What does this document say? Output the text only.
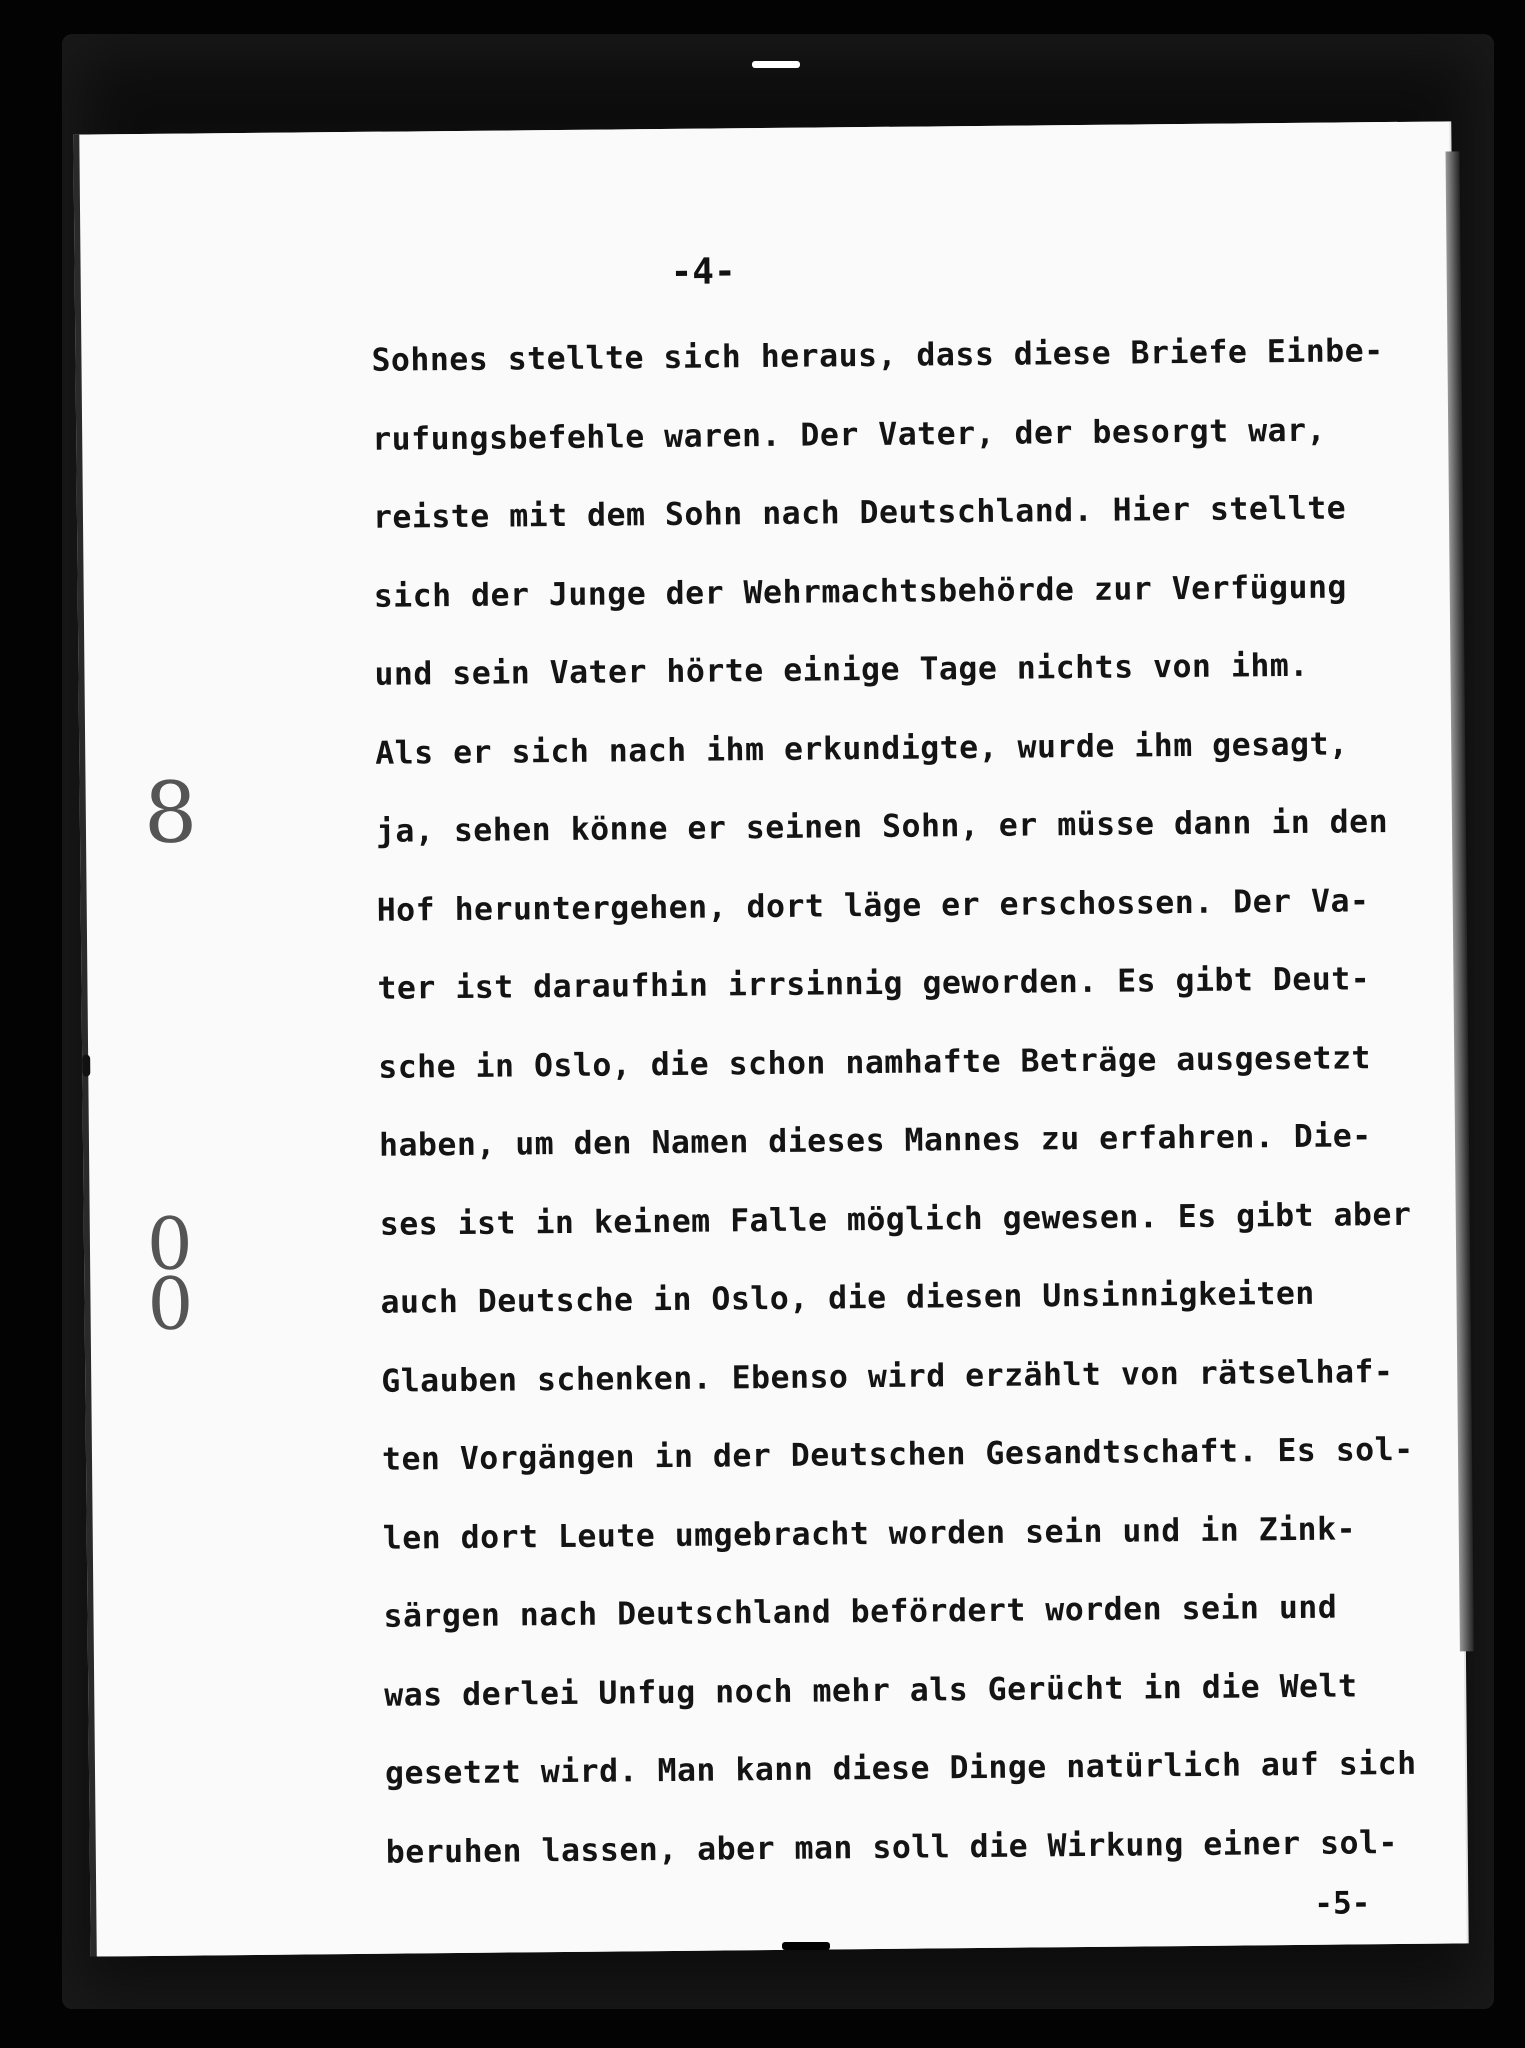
-4-
8
0
0
Sohnes stellte sich heraus, dass diese Briefe Einbe-
rufungsbefehle waren. Der Vater, der besorgt war,
reiste mit dem Sohn nach Deutschland. Hier stellte
sich der Junge der Wehrmachtsbehörde zur Verfügung
und sein Vater hörte einige Tage nichts von ihm.
Als er sich nach ihm erkundigte, wurde ihm gesagt,
ja, sehen könne er seinen Sohn, er müsse dann in den
Hof heruntergehen, dort läge er erschossen. Der Va-
ter ist daraufhin irrsinnig geworden. Es gibt Deut-
sche in Oslo, die schon namhafte Beträge ausgesetzt
haben, um den Namen dieses Mannes zu erfahren. Die-
ses ist in keinem Falle möglich gewesen. Es gibt aber
auch Deutsche in Oslo, die diesen Unsinnigkeiten
Glauben schenken. Ebenso wird erzählt von rätselhaf-
ten Vorgängen in der Deutschen Gesandtschaft. Es sol-
len dort Leute umgebracht worden sein und in Zink-
särgen nach Deutschland befördert worden sein und
was derlei Unfug noch mehr als Gerücht in die Welt
gesetzt wird. Man kann diese Dinge natürlich auf sich
beruhen lassen, aber man soll die Wirkung einer sol-
-5-
